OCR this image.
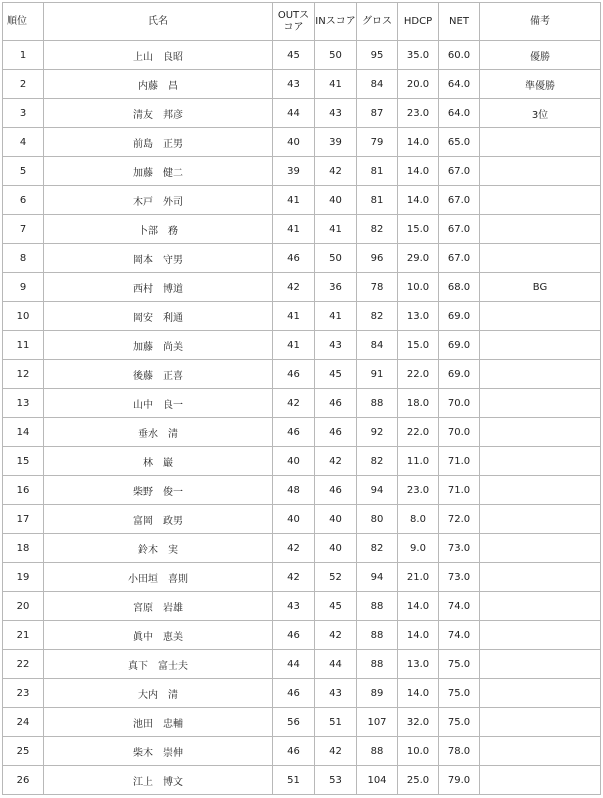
順位	氏名	OUTスコア	INスコア	グロス	HDCP	NET	備考
1	上山　良昭	45	50	95	35.0	60.0	優勝
2	内藤　昌	43	41	84	20.0	64.0	準優勝
3	清友　邦彦	44	43	87	23.0	64.0	3位
4	前島　正男	40	39	79	14.0	65.0	
5	加藤　健二	39	42	81	14.0	67.0	
6	木戸　外司	41	40	81	14.0	67.0	
7	卜部　務	41	41	82	15.0	67.0	
8	岡本　守男	46	50	96	29.0	67.0	
9	西村　博道	42	36	78	10.0	68.0	BG
10	岡安　利通	41	41	82	13.0	69.0	
11	加藤　尚美	41	43	84	15.0	69.0	
12	後藤　正喜	46	45	91	22.0	69.0	
13	山中　良一	42	46	88	18.0	70.0	
14	垂水　清	46	46	92	22.0	70.0	
15	林　巌	40	42	82	11.0	71.0	
16	柴野　俊一	48	46	94	23.0	71.0	
17	富岡　政男	40	40	80	8.0	72.0	
18	鈴木　実	42	40	82	9.0	73.0	
19	小田垣　喜則	42	52	94	21.0	73.0	
20	宮原　岩雄	43	45	88	14.0	74.0	
21	眞中　恵美	46	42	88	14.0	74.0	
22	真下　富士夫	44	44	88	13.0	75.0	
23	大内　清	46	43	89	14.0	75.0	
24	池田　忠輔	56	51	107	32.0	75.0	
25	柴木　崇伸	46	42	88	10.0	78.0	
26	江上　博文	51	53	104	25.0	79.0	
